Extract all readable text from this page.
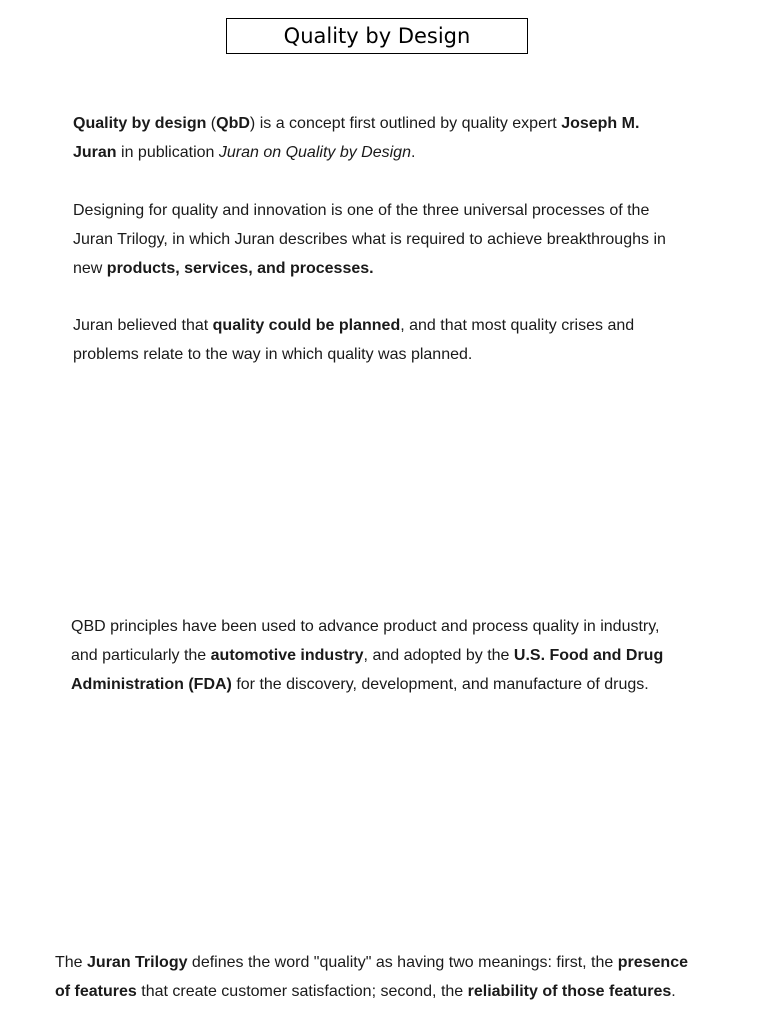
Quality by Design

Quality by design (QbD) is a concept first outlined by quality expert Joseph M. Juran in publication Juran on Quality by Design.

Designing for quality and innovation is one of the three universal processes of the Juran Trilogy, in which Juran describes what is required to achieve breakthroughs in new products, services, and processes.

Juran believed that quality could be planned, and that most quality crises and problems relate to the way in which quality was planned.

QBD principles have been used to advance product and process quality in industry, and particularly the automotive industry, and adopted by the U.S. Food and Drug Administration (FDA) for the discovery, development, and manufacture of drugs.

The Juran Trilogy defines the word "quality" as having two meanings: first, the presence of features that create customer satisfaction; second, the reliability of those features.
